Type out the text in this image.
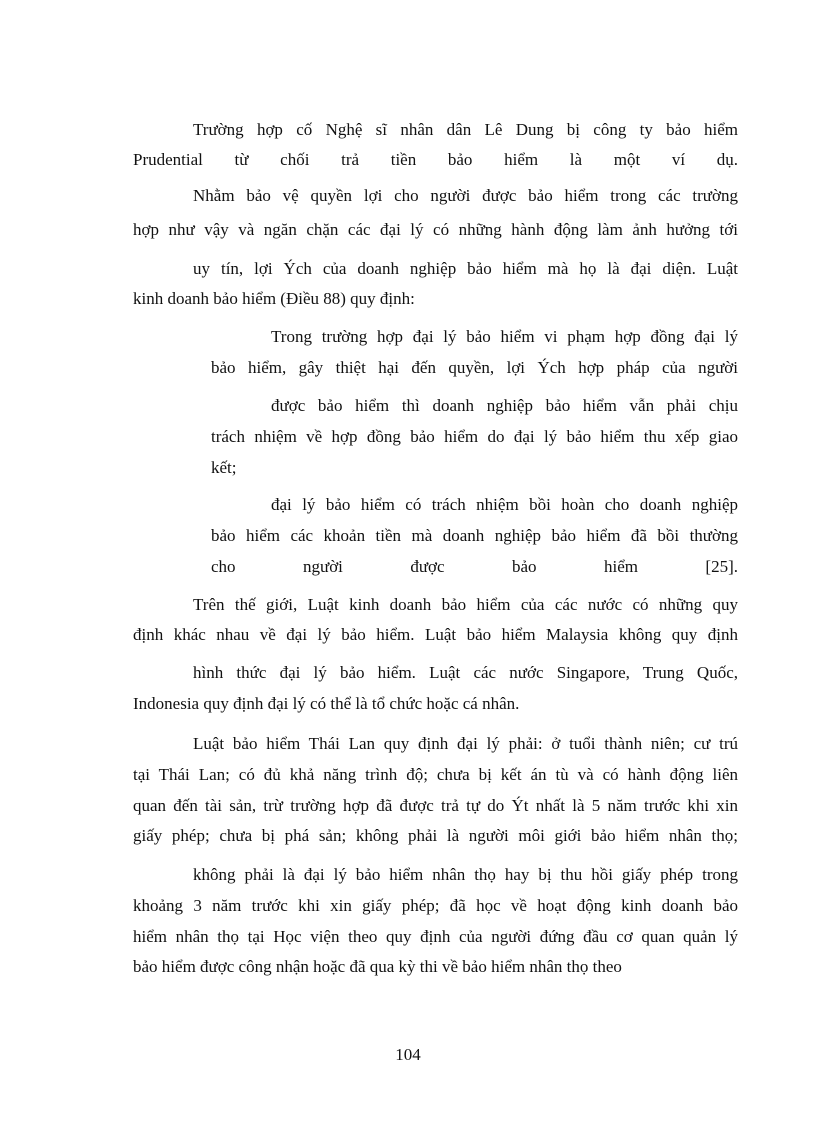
Trường hợp cố Nghệ sĩ nhân dân Lê Dung bị công ty bảo hiểm

Prudential từ chối trả tiền bảo hiểm là một ví dụ.

Nhằm bảo vệ quyền lợi cho người được bảo hiểm trong các trường

hợp như vậy và ngăn chặn các đại lý có những hành động làm ảnh hưởng tới

uy tín, lợi Ých của doanh nghiệp bảo hiểm mà họ là đại diện. Luật

kinh doanh bảo hiểm (Điều 88) quy định:

Trong trường hợp đại lý bảo hiểm vi phạm hợp đồng đại lý

bảo hiểm, gây thiệt hại đến quyền, lợi Ých hợp pháp của người

được bảo hiểm thì doanh nghiệp bảo hiểm vẫn phải chịu

trách nhiệm về hợp đồng bảo hiểm do đại lý bảo hiểm thu xếp giao

kết;

đại lý bảo hiểm có trách nhiệm bồi hoàn cho doanh nghiệp

bảo hiểm các khoản tiền mà doanh nghiệp bảo hiểm đã bồi thường

cho người được bảo hiểm [25].

Trên thế giới, Luật kinh doanh bảo hiểm của các nước có những quy

định khác nhau về đại lý bảo hiểm. Luật bảo hiểm Malaysia không quy định

hình thức đại lý bảo hiểm. Luật các nước Singapore, Trung Quốc,

Indonesia quy định đại lý có thể là tổ chức hoặc cá nhân.

Luật bảo hiểm Thái Lan quy định đại lý phải: ở tuổi thành niên; cư trú

tại Thái Lan; có đủ khả năng trình độ; chưa bị kết án tù và có hành động liên

quan đến tài sản, trừ trường hợp đã được trả tự do Ýt nhất là 5 năm trước khi xin

giấy phép; chưa bị phá sản; không phải là người môi giới bảo hiểm nhân thọ;

không phải là đại lý bảo hiểm nhân thọ hay bị thu hồi giấy phép trong

khoảng 3 năm trước khi xin giấy phép; đã học về hoạt động kinh doanh bảo

hiểm nhân thọ tại Học viện theo quy định của người đứng đầu cơ quan quản lý

bảo hiểm được công nhận hoặc đã qua kỳ thi về bảo hiểm nhân thọ theo

104
